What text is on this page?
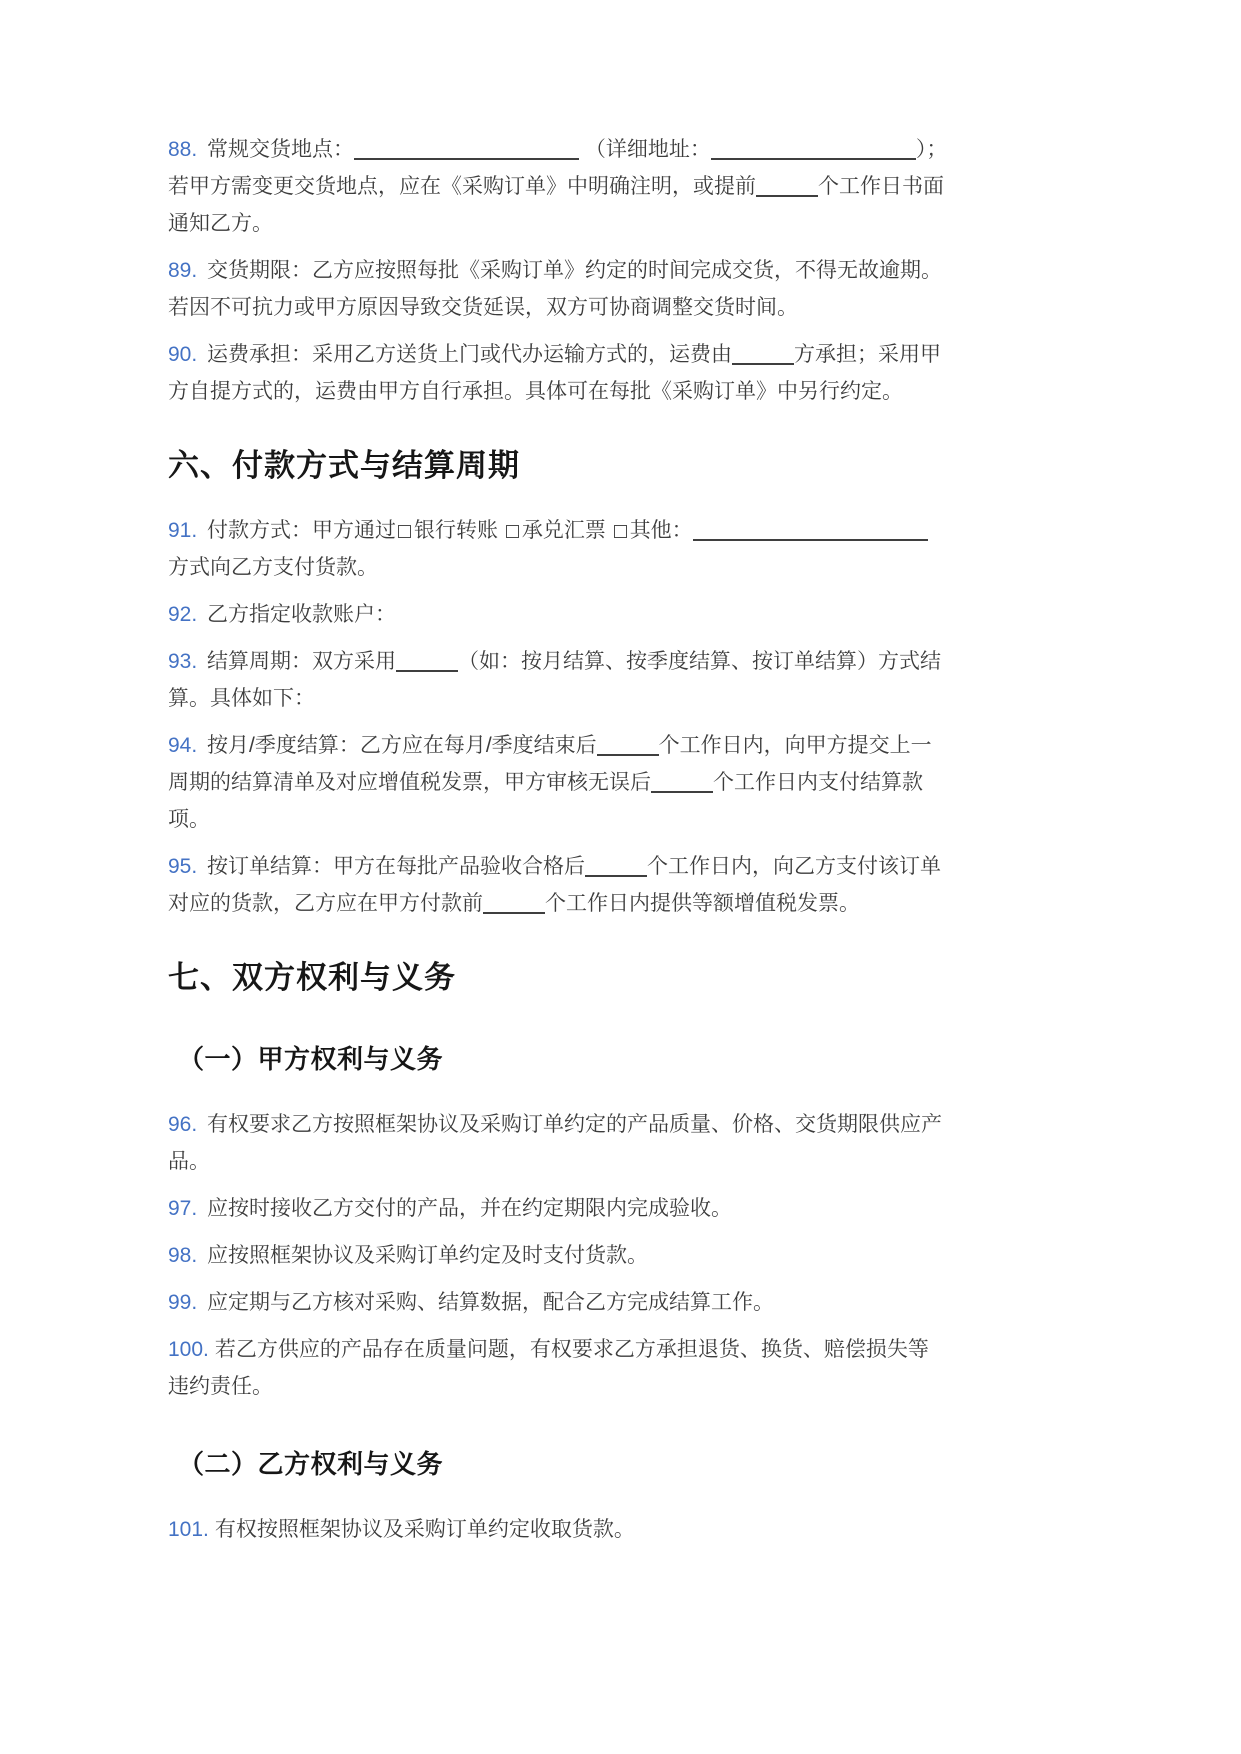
88. 常规交货地点：	（详细地址：	）；若甲方需变更交货地点，应在《采购订单》中明确注明，或提前	个工作日书面通知乙方。

89. 交货期限：乙方应按照每批《采购订单》约定的时间完成交货，不得无故逾期。若因不可抗力或甲方原因导致交货延误，双方可协商调整交货时间。

90. 运费承担：采用乙方送货上门或代办运输方式的，运费由	方承担；采用甲方自提方式的，运费由甲方自行承担。具体可在每批《采购订单》中另行约定。

六、付款方式与结算周期

91. 付款方式：甲方通过 银行转账 承兑汇票 其他：方式向乙方支付货款。

92. 乙方指定收款账户：

93. 结算周期：双方采用	（如：按月结算、按季度结算、按订单结算）方式结算。具体如下：

94. 按月/季度结算：乙方应在每月/季度结束后	个工作日内，向甲方提交上一周期的结算清单及对应增值税发票，甲方审核无误后	个工作日内支付结算款项。

95. 按订单结算：甲方在每批产品验收合格后	个工作日内，向乙方支付该订单对应的货款，乙方应在甲方付款前	个工作日内提供等额增值税发票。

七、双方权利与义务
（一）甲方权利与义务

96. 有权要求乙方按照框架协议及采购订单约定的产品质量、价格、交货期限供应产品。

97. 应按时接收乙方交付的产品，并在约定期限内完成验收。

98. 应按照框架协议及采购订单约定及时支付货款。

99. 应定期与乙方核对采购、结算数据，配合乙方完成结算工作。

100. 若乙方供应的产品存在质量问题，有权要求乙方承担退货、换货、赔偿损失等违约责任。

（二）乙方权利与义务

101. 有权按照框架协议及采购订单约定收取货款。
